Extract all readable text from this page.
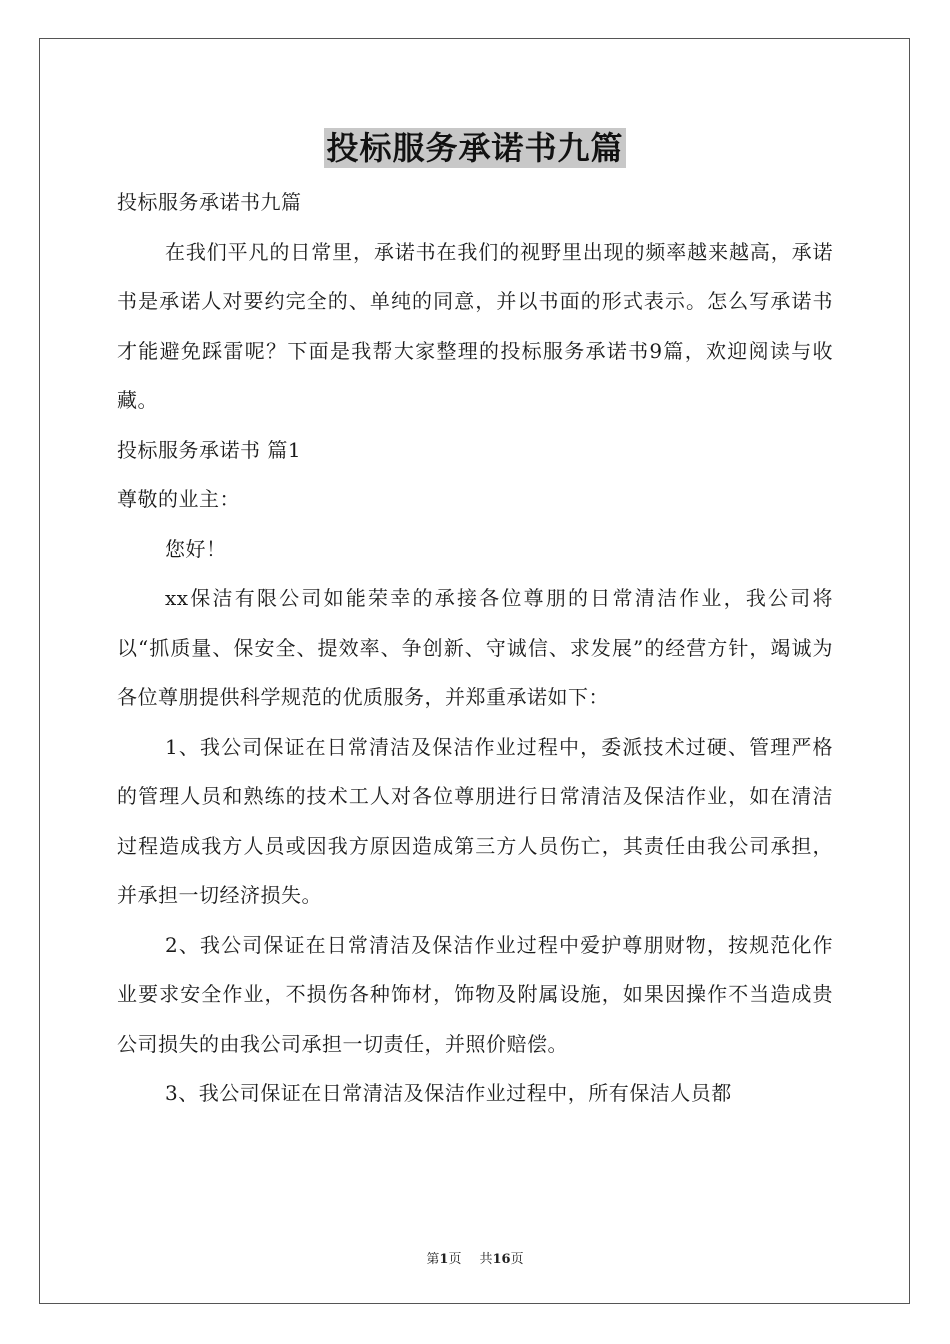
投标服务承诺书九篇

投标服务承诺书九篇

在我们平凡的日常里，承诺书在我们的视野里出现的频率越来越高，承诺书是承诺人对要约完全的、单纯的同意，并以书面的形式表示。怎么写承诺书才能避免踩雷呢？下面是我帮大家整理的投标服务承诺书9篇，欢迎阅读与收藏。

投标服务承诺书 篇1

尊敬的业主：

您好！

xx保洁有限公司如能荣幸的承接各位尊朋的日常清洁作业，我公司将以“抓质量、保安全、提效率、争创新、守诚信、求发展”的经营方针，竭诚为各位尊朋提供科学规范的优质服务，并郑重承诺如下：

1、我公司保证在日常清洁及保洁作业过程中，委派技术过硬、管理严格的管理人员和熟练的技术工人对各位尊朋进行日常清洁及保洁作业，如在清洁过程造成我方人员或因我方原因造成第三方人员伤亡，其责任由我公司承担，并承担一切经济损失。

2、我公司保证在日常清洁及保洁作业过程中爱护尊朋财物，按规范化作业要求安全作业，不损伤各种饰材，饰物及附属设施，如果因操作不当造成贵公司损失的由我公司承担一切责任，并照价赔偿。

3、我公司保证在日常清洁及保洁作业过程中，所有保洁人员都

第1页 共16页
